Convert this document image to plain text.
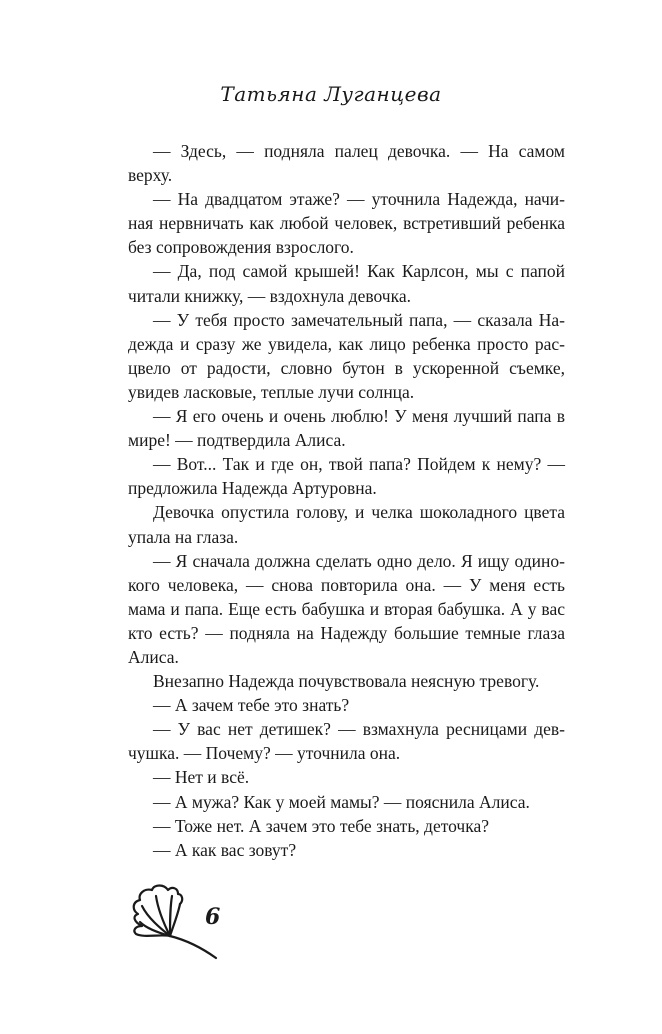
Татьяна Луганцева

— Здесь, — подняла палец девочка. — На самом верху.

— На двадцатом этаже? — уточнила Надежда, начиная нервничать как любой человек, встретивший ребенка без сопровождения взрослого.

— Да, под самой крышей! Как Карлсон, мы с папой читали книжку, — вздохнула девочка.

— У тебя просто замечательный папа, — сказала Надежда и сразу же увидела, как лицо ребенка просто расцвело от радости, словно бутон в ускоренной съемке, увидев ласковые, теплые лучи солнца.

— Я его очень и очень люблю! У меня лучший папа в мире! — подтвердила Алиса.

— Вот... Так и где он, твой папа? Пойдем к нему? — предложила Надежда Артуровна.

Девочка опустила голову, и челка шоколадного цвета упала на глаза.

— Я сначала должна сделать одно дело. Я ищу одинокого человека, — снова повторила она. — У меня есть мама и папа. Еще есть бабушка и вторая бабушка. А у вас кто есть? — подняла на Надежду большие темные глаза Алиса.

Внезапно Надежда почувствовала неясную тревогу.

— А зачем тебе это знать?

— У вас нет детишек? — взмахнула ресницами девчушка. — Почему? — уточнила она.

— Нет и всё.

— А мужа? Как у моей мамы? — пояснила Алиса.

— Тоже нет. А зачем это тебе знать, деточка?

— А как вас зовут?

6
